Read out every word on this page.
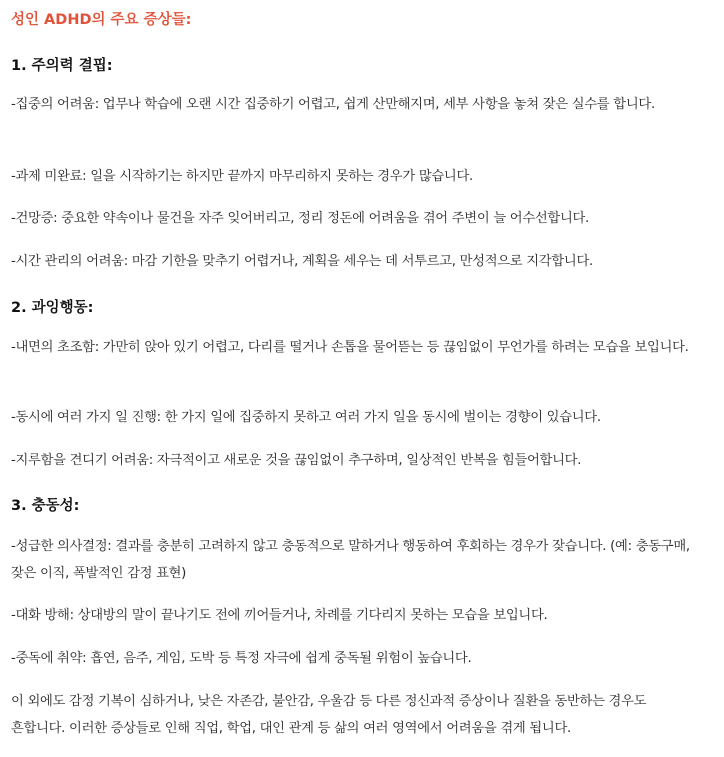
성인 ADHD의 주요 증상들:
1. 주의력 결핍:
-집중의 어려움: 업무나 학습에 오랜 시간 집중하기 어렵고, 쉽게 산만해지며, 세부 사항을 놓쳐 잦은 실수를 합니다.
-과제 미완료: 일을 시작하기는 하지만 끝까지 마무리하지 못하는 경우가 많습니다.
-건망증: 중요한 약속이나 물건을 자주 잊어버리고, 정리 정돈에 어려움을 겪어 주변이 늘 어수선합니다.
-시간 관리의 어려움: 마감 기한을 맞추기 어렵거나, 계획을 세우는 데 서투르고, 만성적으로 지각합니다.
2. 과잉행동:
-내면의 초조함: 가만히 앉아 있기 어렵고, 다리를 떨거나 손톱을 물어뜯는 등 끊임없이 무언가를 하려는 모습을 보입니다.
-동시에 여러 가지 일 진행: 한 가지 일에 집중하지 못하고 여러 가지 일을 동시에 벌이는 경향이 있습니다.
-지루함을 견디기 어려움: 자극적이고 새로운 것을 끊임없이 추구하며, 일상적인 반복을 힘들어합니다.
3. 충동성:
-성급한 의사결정: 결과를 충분히 고려하지 않고 충동적으로 말하거나 행동하여 후회하는 경우가 잦습니다. (예: 충동구매, 잦은 이직, 폭발적인 감정 표현)
-대화 방해: 상대방의 말이 끝나기도 전에 끼어들거나, 차례를 기다리지 못하는 모습을 보입니다.
-중독에 취약: 흡연, 음주, 게임, 도박 등 특정 자극에 쉽게 중독될 위험이 높습니다.
이 외에도 감정 기복이 심하거나, 낮은 자존감, 불안감, 우울감 등 다른 정신과적 증상이나 질환을 동반하는 경우도 흔합니다. 이러한 증상들로 인해 직업, 학업, 대인 관계 등 삶의 여러 영역에서 어려움을 겪게 됩니다.
